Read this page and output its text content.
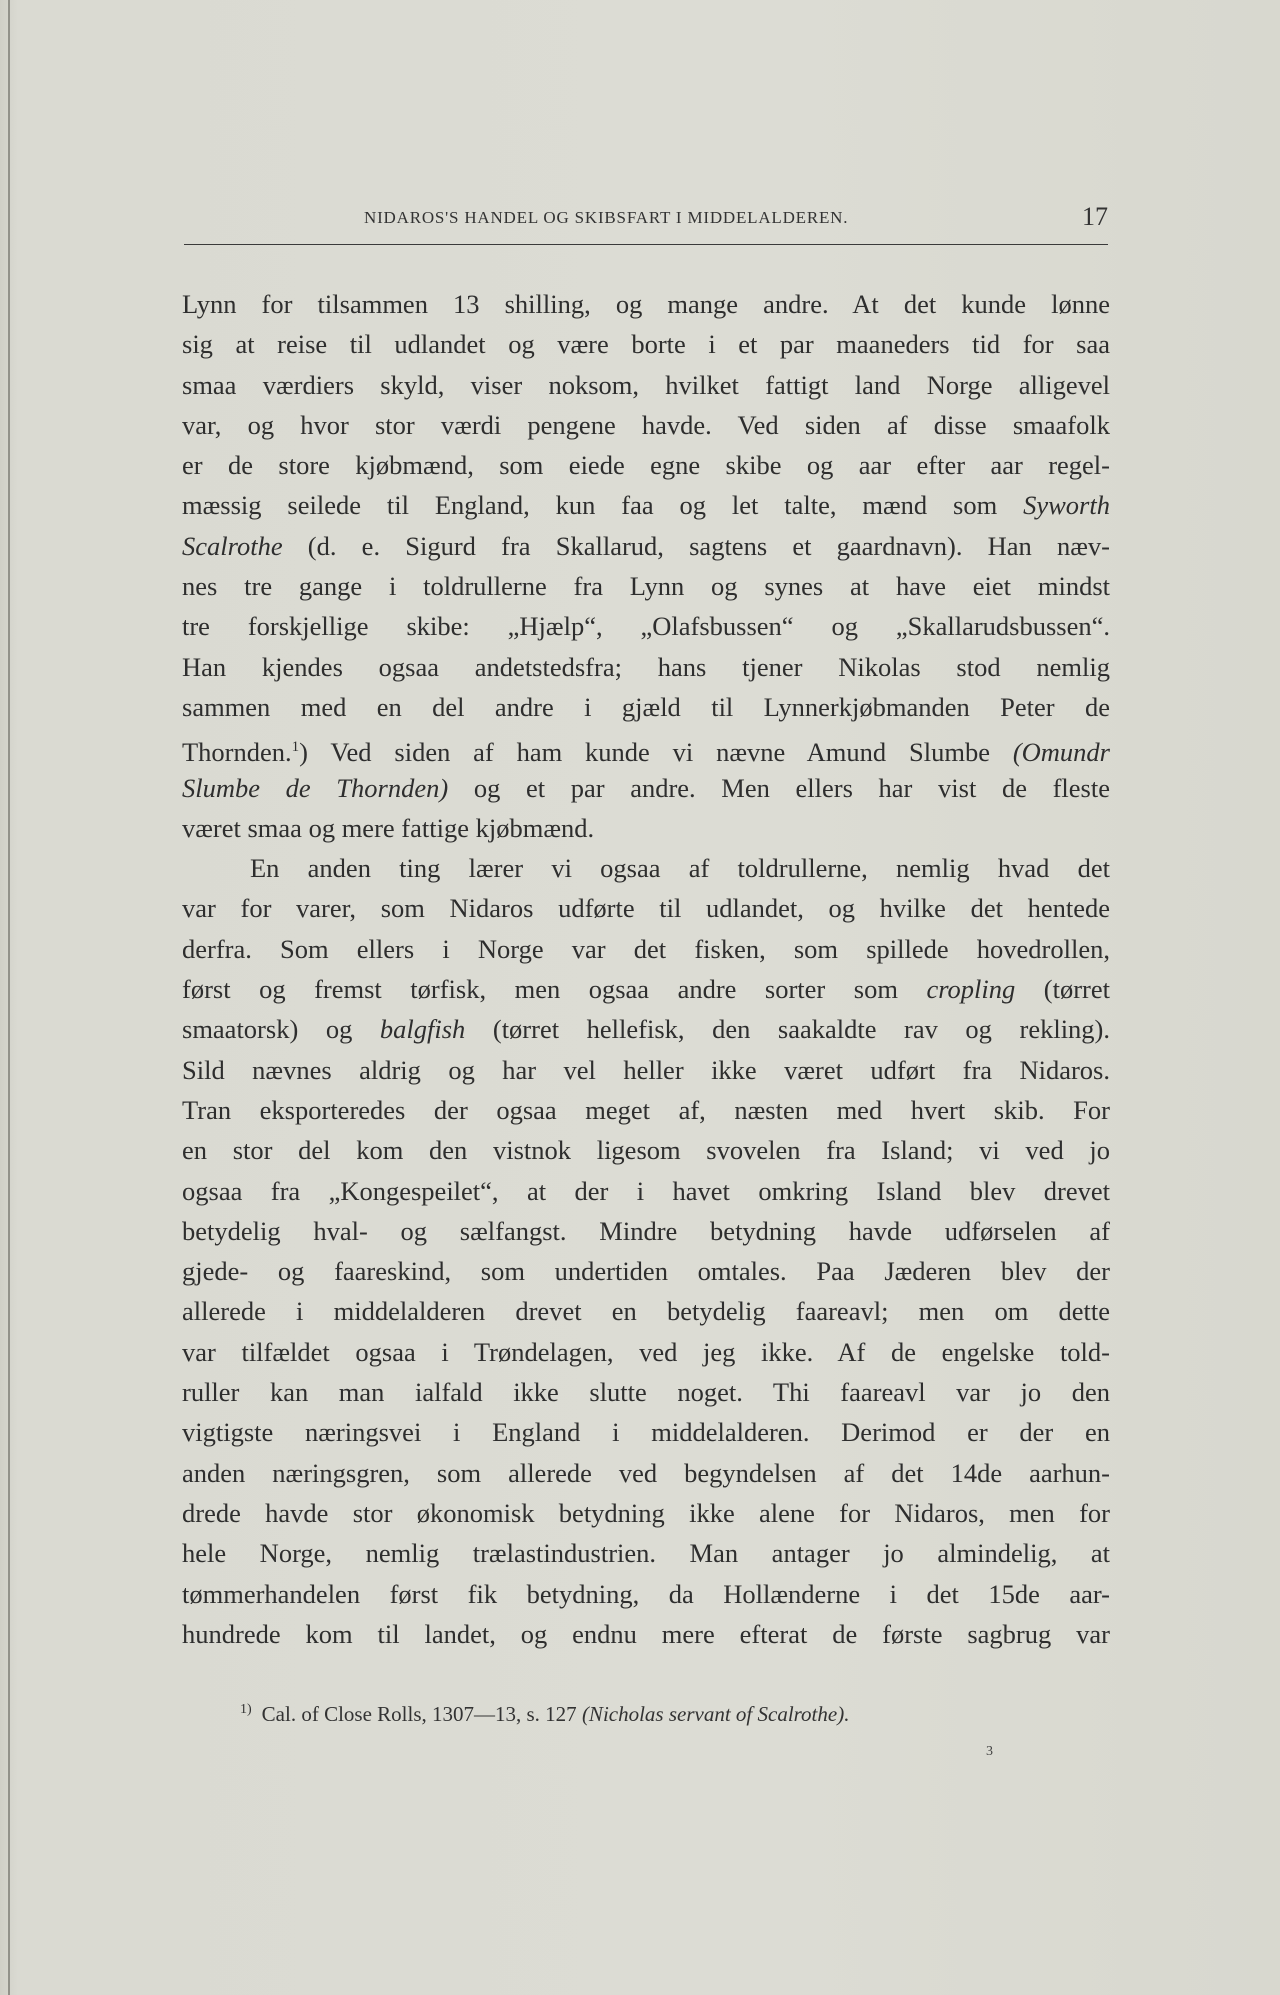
NIDAROS'S HANDEL OG SKIBSFART I MIDDELALDEREN.	17
Lynn for tilsammen 13 shilling, og mange andre. At det kunde lønne
sig at reise til udlandet og være borte i et par maaneders tid for saa
smaa værdiers skyld, viser noksom, hvilket fattigt land Norge alligevel
var, og hvor stor værdi pengene havde. Ved siden af disse smaafolk
er de store kjøbmænd, som eiede egne skibe og aar efter aar regel-
mæssig seilede til England, kun faa og let talte, mænd som Syworth
Scalrothe (d. e. Sigurd fra Skallarud, sagtens et gaardnavn). Han næv-
nes tre gange i toldrullerne fra Lynn og synes at have eiet mindst
tre forskjellige skibe: „Hjælp“, „Olafsbussen“ og „Skallarudsbussen“.
Han kjendes ogsaa andetstedsfra; hans tjener Nikolas stod nemlig
sammen med en del andre i gjæld til Lynnerkjøbmanden Peter de
Thornden.$^1$) Ved siden af ham kunde vi nævne Amund Slumbe (Omundr
Slumbe de Thornden) og et par andre. Men ellers har vist de fleste
været smaa og mere fattige kjøbmænd.
En anden ting lærer vi ogsaa af toldrullerne, nemlig hvad det
var for varer, som Nidaros udførte til udlandet, og hvilke det hentede
derfra. Som ellers i Norge var det fisken, som spillede hovedrollen,
først og fremst tørfisk, men ogsaa andre sorter som cropling (tørret
smaatorsk) og balgfish (tørret hellefisk, den saakaldte rav og rekling).
Sild nævnes aldrig og har vel heller ikke været udført fra Nidaros.
Tran eksporteredes der ogsaa meget af, næsten med hvert skib. For
en stor del kom den vistnok ligesom svovelen fra Island; vi ved jo
ogsaa fra „Kongespeilet“, at der i havet omkring Island blev drevet
betydelig hval- og sælfangst. Mindre betydning havde udførselen af
gjede- og faareskind, som undertiden omtales. Paa Jæderen blev der
allerede i middelalderen drevet en betydelig faareavl; men om dette
var tilfældet ogsaa i Trøndelagen, ved jeg ikke. Af de engelske told-
ruller kan man ialfald ikke slutte noget. Thi faareavl var jo den
vigtigste næringsvei i England i middelalderen. Derimod er der en
anden næringsgren, som allerede ved begyndelsen af det 14de aarhun-
drede havde stor økonomisk betydning ikke alene for Nidaros, men for
hele Norge, nemlig trælastindustrien. Man antager jo almindelig, at
tømmerhandelen først fik betydning, da Hollænderne i det 15de aar-
hundrede kom til landet, og endnu mere efterat de første sagbrug var
$^{1)}$ Cal. of Close Rolls, 1307—13, s. 127 (Nicholas servant of Scalrothe).
3
